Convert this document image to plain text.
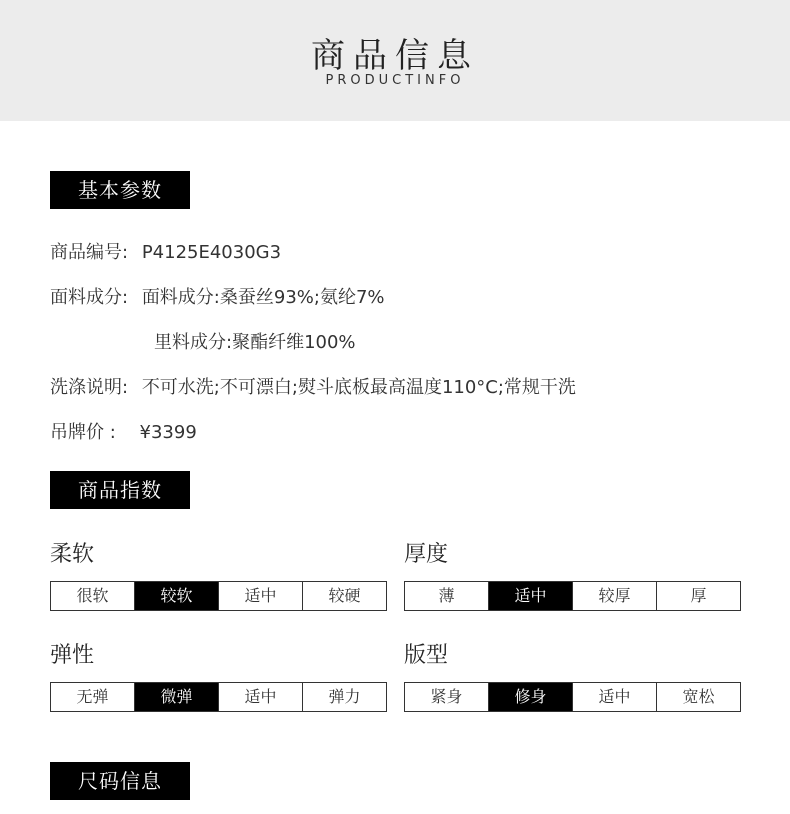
商品信息
PRODUCTINFO
基本参数
商品编号: P4125E4030G3
面料成分: 面料成分:桑蚕丝93%;氨纶7%
里料成分:聚酯纤维100%
洗涤说明: 不可水洗;不可漂白;熨斗底板最高温度110°C;常规干洗
吊牌价 : ¥3399
商品指数
柔软
很软	较软	适中	较硬
厚度
薄	适中	较厚	厚
弹性
无弹	微弹	适中	弹力
版型
紧身	修身	适中	宽松
尺码信息
